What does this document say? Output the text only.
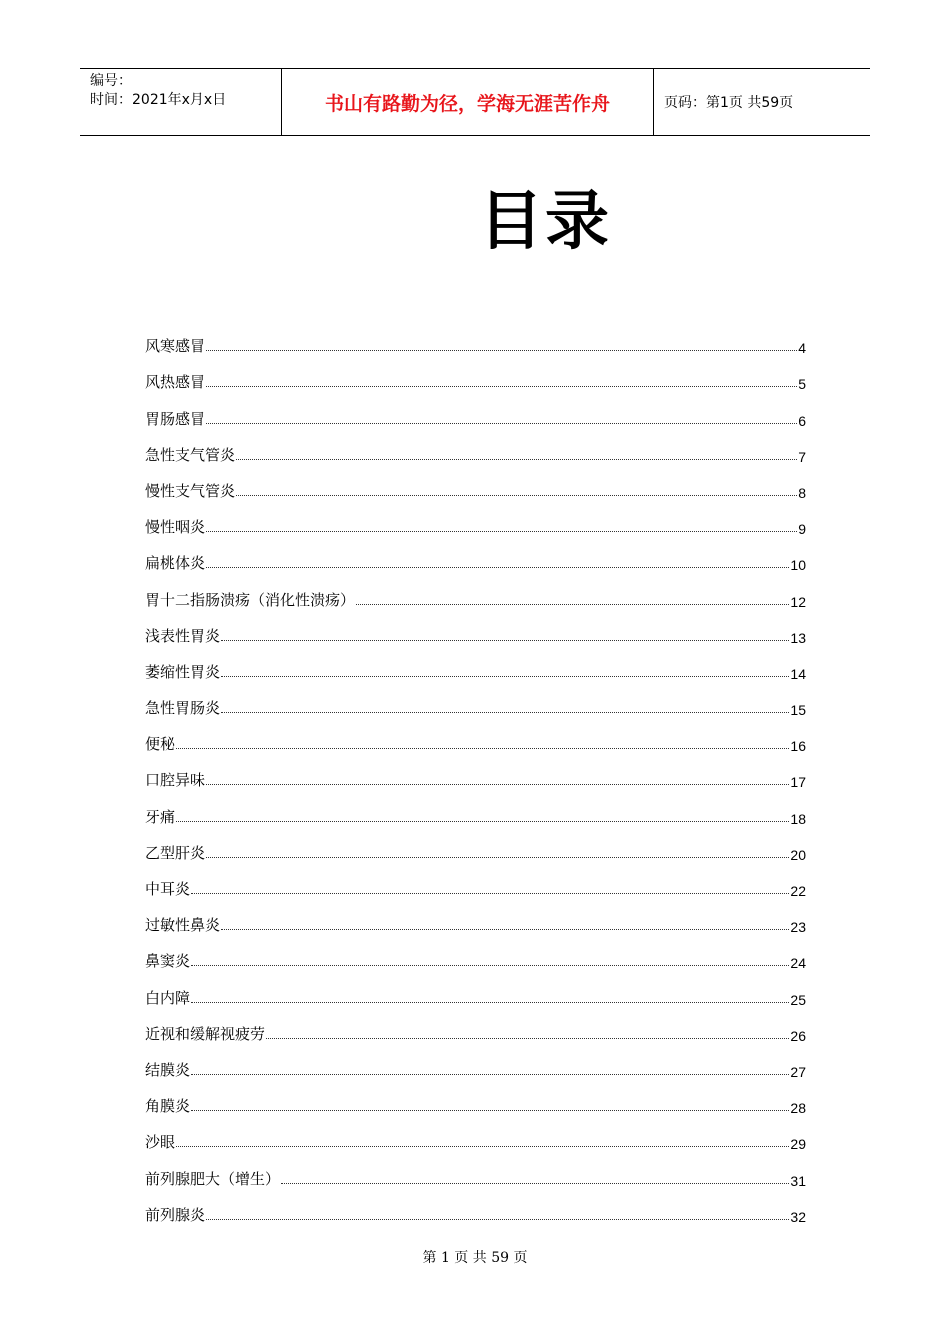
编号：
时间：2021年x月x日	书山有路勤为径，学海无涯苦作舟	页码：第1页 共59页
目录
风寒感冒	4
风热感冒	5
胃肠感冒	6
急性支气管炎	7
慢性支气管炎	8
慢性咽炎	9
扁桃体炎	10
胃十二指肠溃疡（消化性溃疡）	12
浅表性胃炎	13
萎缩性胃炎	14
急性胃肠炎	15
便秘	16
口腔异味	17
牙痛	18
乙型肝炎	20
中耳炎	22
过敏性鼻炎	23
鼻窦炎	24
白内障	25
近视和缓解视疲劳	26
结膜炎	27
角膜炎	28
沙眼	29
前列腺肥大（增生）	31
前列腺炎	32
第 1 页 共 59 页
